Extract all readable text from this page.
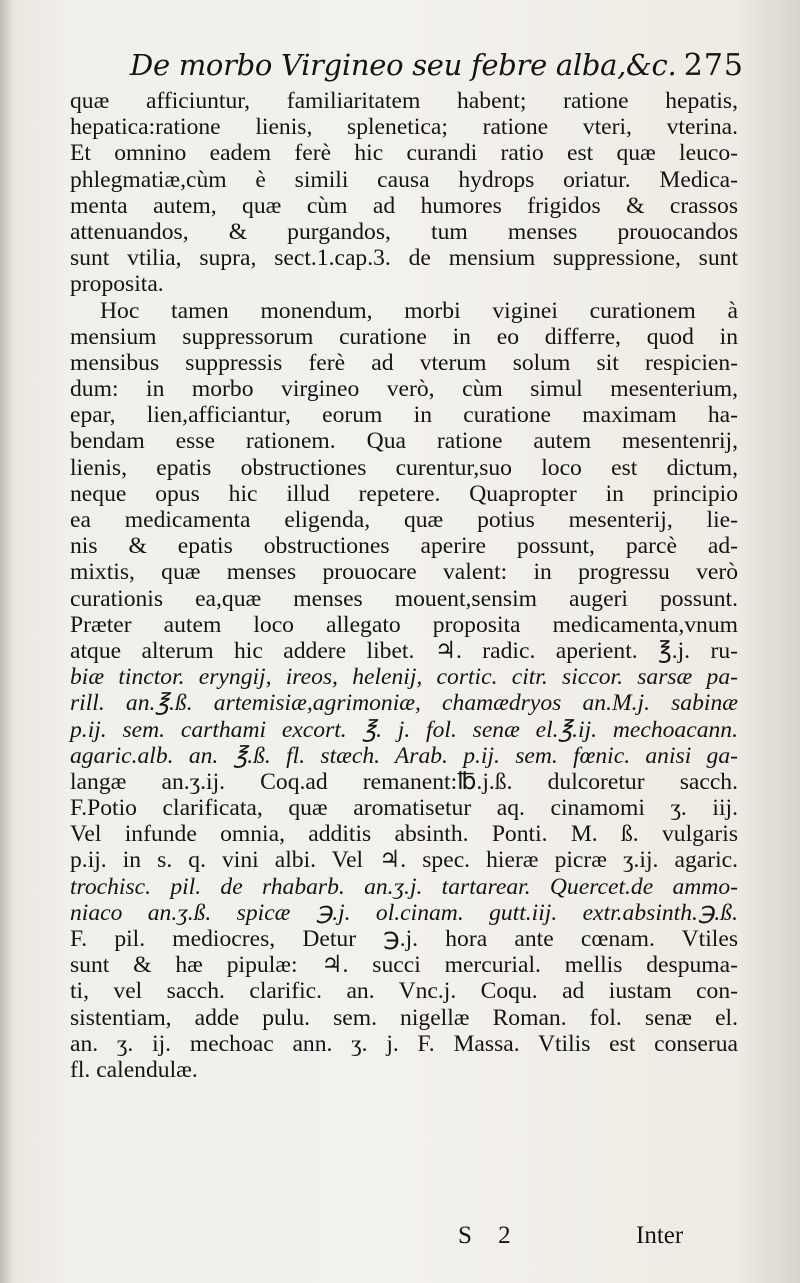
De morbo Virgineo seu febre alba,&c. 275
quæ afficiuntur, familiaritatem habent; ratione hepatis,
hepatica:ratione lienis, splenetica; ratione vteri, vterina.
Et omnino eadem ferè hic curandi ratio est quæ leuco-
phlegmatiæ,cùm è simili causa hydrops oriatur. Medica-
menta autem, quæ cùm ad humores frigidos & crassos
attenuandos, & purgandos, tum menses prouocandos
sunt vtilia, supra, sect.1.cap.3. de mensium suppressione, sunt
proposita.
Hoc tamen monendum, morbi viginei curationem à
mensium suppressorum curatione in eo differre, quod in
mensibus suppressis ferè ad vterum solum sit respicien-
dum: in morbo virgineo verò, cùm simul mesenterium,
epar, lien,afficiantur, eorum in curatione maximam ha-
bendam esse rationem. Qua ratione autem mesentenrij,
lienis, epatis obstructiones curentur,suo loco est dictum,
neque opus hic illud repetere. Quapropter in principio
ea medicamenta eligenda, quæ potius mesenterij, lie-
nis & epatis obstructiones aperire possunt, parcè ad-
mixtis, quæ menses prouocare valent: in progressu verò
curationis ea,quæ menses mouent,sensim augeri possunt.
Præter autem loco allegato proposita medicamenta,vnum
atque alterum hic addere libet. ♃. radic. aperient. ℥.j. ru-
biæ tinctor. eryngij, ireos, helenij, cortic. citr. siccor. sarsæ pa-
rill. an.℥.ß. artemisiæ,agrimoniæ, chamædryos an.M.j. sabinæ
p.ij. sem. carthami excort. ℥. j. fol. senæ el.℥.ij. mechoacann.
agaric.alb. an. ℥.ß. fl. stæch. Arab. p.ij. sem. fœnic. anisi ga-
langæ an.ʒ.ij. Coq.ad remanent:℔.j.ß. dulcoretur sacch.
F.Potio clarificata, quæ aromatisetur aq. cinamomi ʒ. iij.
Vel infunde omnia, additis absinth. Ponti. M. ß. vulgaris
p.ij. in s. q. vini albi. Vel ♃. spec. hieræ picræ ʒ.ij. agaric.
trochisc. pil. de rhabarb. an.ʒ.j. tartarear. Quercet.de ammo-
niaco an.ʒ.ß. spicæ ℈.j. ol.cinam. gutt.iij. extr.absinth.℈.ß.
F. pil. mediocres, Detur ℈.j. hora ante cœnam. Vtiles
sunt & hæ pipulæ: ♃. succi mercurial. mellis despuma-
ti, vel sacch. clarific. an. Vnc.j. Coqu. ad iustam con-
sistentiam, adde pulu. sem. nigellæ Roman. fol. senæ el.
an. ʒ. ij. mechoac ann. ʒ. j. F. Massa. Vtilis est conserua
fl. calendulæ.
S 2	Inter
